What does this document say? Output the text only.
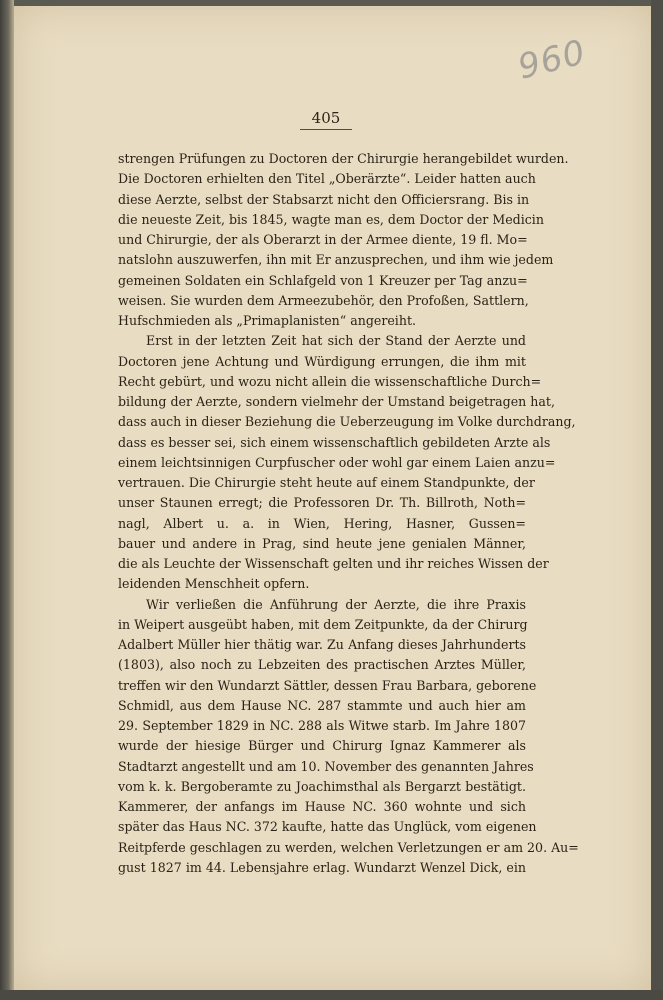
960
405
strengen Prüfungen zu Doctoren der Chirurgie herangebildet wurden.
Die Doctoren erhielten den Titel „Oberärzte“. Leider hatten auch
diese Aerzte, selbst der Stabsarzt nicht den Officiersrang. Bis in
die neueste Zeit, bis 1845, wagte man es, dem Doctor der Medicin
und Chirurgie, der als Oberarzt in der Armee diente, 19 fl. Mo=
natslohn auszuwerfen, ihn mit Er anzusprechen, und ihm wie jedem
gemeinen Soldaten ein Schlafgeld von 1 Kreuzer per Tag anzu=
weisen. Sie wurden dem Armeezubehör, den Profoßen, Sattlern,
Hufschmieden als „Primaplanisten“ angereiht.
Erst in der letzten Zeit hat sich der Stand der Aerzte und
Doctoren jene Achtung und Würdigung errungen, die ihm mit
Recht gebürt, und wozu nicht allein die wissenschaftliche Durch=
bildung der Aerzte, sondern vielmehr der Umstand beigetragen hat,
dass auch in dieser Beziehung die Ueberzeugung im Volke durchdrang,
dass es besser sei, sich einem wissenschaftlich gebildeten Arzte als
einem leichtsinnigen Curpfuscher oder wohl gar einem Laien anzu=
vertrauen. Die Chirurgie steht heute auf einem Standpunkte, der
unser Staunen erregt; die Professoren Dr. Th. Billroth, Noth=
nagl, Albert u. a. in Wien, Hering, Hasner, Gussen=
bauer und andere in Prag, sind heute jene genialen Männer,
die als Leuchte der Wissenschaft gelten und ihr reiches Wissen der
leidenden Menschheit opfern.
Wir verließen die Anführung der Aerzte, die ihre Praxis
in Weipert ausgeübt haben, mit dem Zeitpunkte, da der Chirurg
Adalbert Müller hier thätig war. Zu Anfang dieses Jahrhunderts
(1803), also noch zu Lebzeiten des practischen Arztes Müller,
treffen wir den Wundarzt Sättler, dessen Frau Barbara, geborene
Schmidl, aus dem Hause NC. 287 stammte und auch hier am
29. September 1829 in NC. 288 als Witwe starb. Im Jahre 1807
wurde der hiesige Bürger und Chirurg Ignaz Kammerer als
Stadtarzt angestellt und am 10. November des genannten Jahres
vom k. k. Bergoberamte zu Joachimsthal als Bergarzt bestätigt.
Kammerer, der anfangs im Hause NC. 360 wohnte und sich
später das Haus NC. 372 kaufte, hatte das Unglück, vom eigenen
Reitpferde geschlagen zu werden, welchen Verletzungen er am 20. Au=
gust 1827 im 44. Lebensjahre erlag. Wundarzt Wenzel Dick, ein
